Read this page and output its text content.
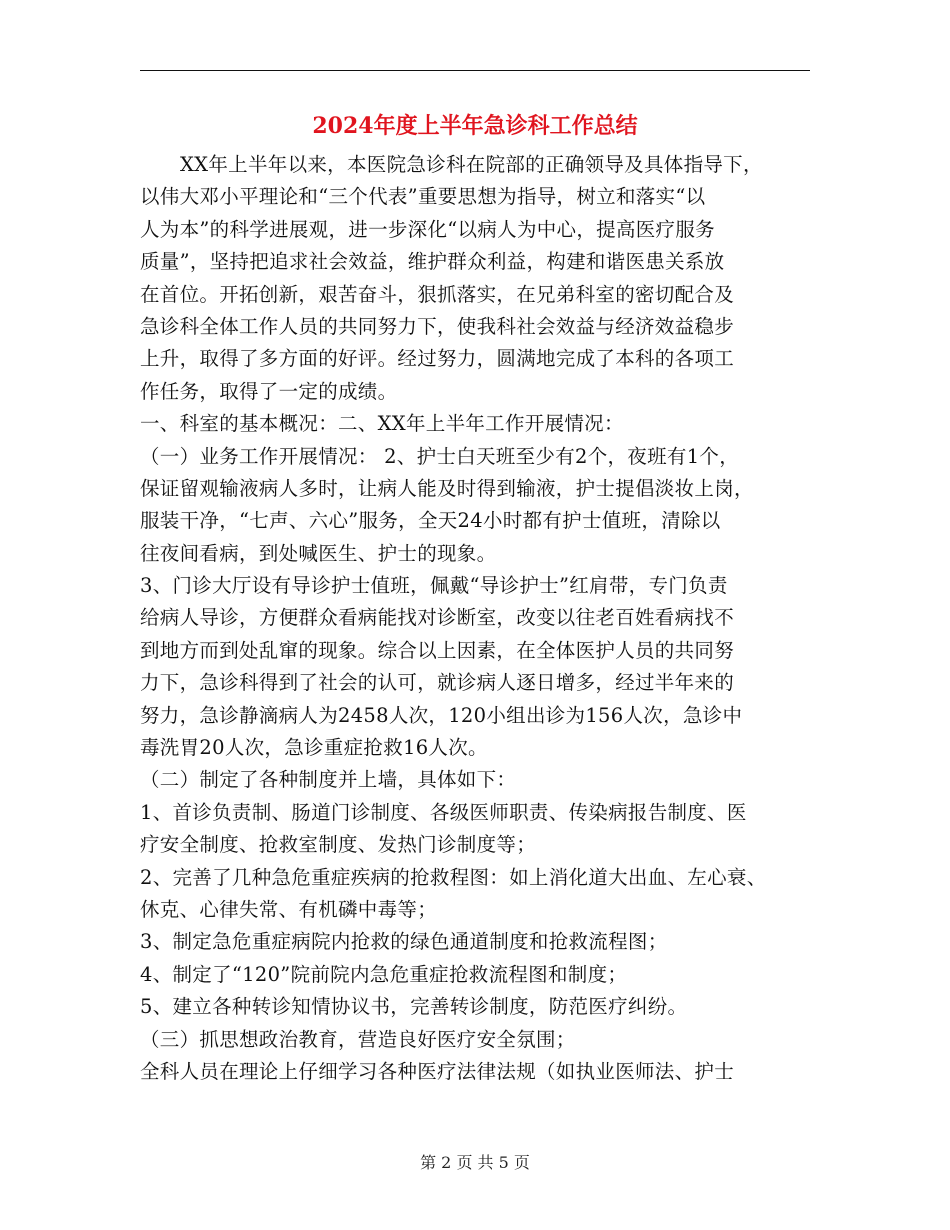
2024年度上半年急诊科工作总结
XX年上半年以来，本医院急诊科在院部的正确领导及具体指导下，
以伟大邓小平理论和“三个代表”重要思想为指导，树立和落实“以
人为本”的科学进展观，进一步深化“以病人为中心，提高医疗服务
质量”，坚持把追求社会效益，维护群众利益，构建和谐医患关系放
在首位。开拓创新，艰苦奋斗，狠抓落实，在兄弟科室的密切配合及
急诊科全体工作人员的共同努力下，使我科社会效益与经济效益稳步
上升，取得了多方面的好评。经过努力，圆满地完成了本科的各项工
作任务，取得了一定的成绩。
一、科室的基本概况：二、XX年上半年工作开展情况：
（一）业务工作开展情况： 2、护士白天班至少有2个，夜班有1个，
保证留观输液病人多时，让病人能及时得到输液，护士提倡淡妆上岗，
服装干净，“七声、六心”服务，全天24小时都有护士值班，清除以
往夜间看病，到处喊医生、护士的现象。
3、门诊大厅设有导诊护士值班，佩戴“导诊护士”红肩带，专门负责
给病人导诊，方便群众看病能找对诊断室，改变以往老百姓看病找不
到地方而到处乱窜的现象。综合以上因素，在全体医护人员的共同努
力下，急诊科得到了社会的认可，就诊病人逐日增多，经过半年来的
努力，急诊静滴病人为2458人次，120小组出诊为156人次，急诊中
毒洗胃20人次，急诊重症抢救16人次。
（二）制定了各种制度并上墙，具体如下：
1、首诊负责制、肠道门诊制度、各级医师职责、传染病报告制度、医
疗安全制度、抢救室制度、发热门诊制度等；
2、完善了几种急危重症疾病的抢救程图：如上消化道大出血、左心衰、
休克、心律失常、有机磷中毒等；
3、制定急危重症病院内抢救的绿色通道制度和抢救流程图；
4、制定了“120”院前院内急危重症抢救流程图和制度；
5、建立各种转诊知情协议书，完善转诊制度，防范医疗纠纷。
（三）抓思想政治教育，营造良好医疗安全氛围；
全科人员在理论上仔细学习各种医疗法律法规（如执业医师法、护士
第 2 页 共 5 页
